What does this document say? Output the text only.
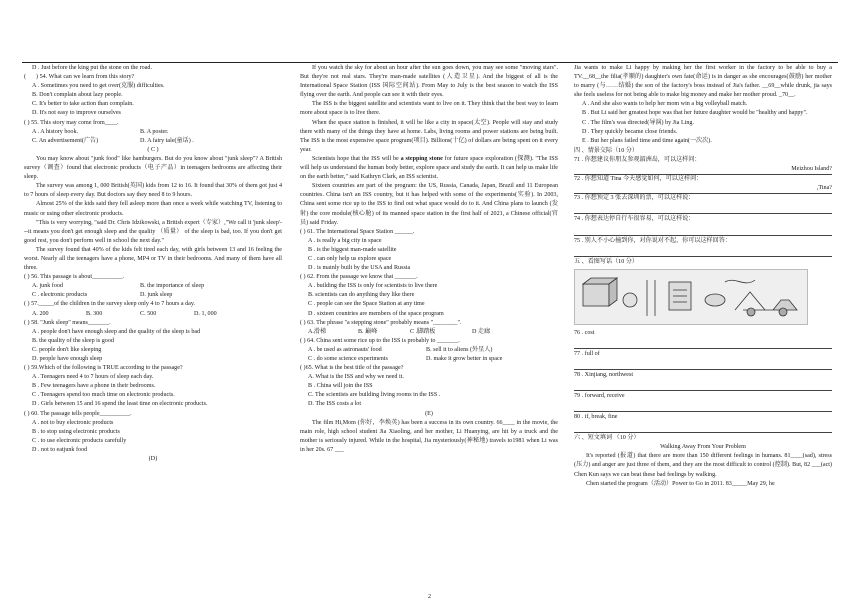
D . Just before the king put the stone on the road.
( ) 54. What can we learn from this story?
A . Sometimes you need to get over(克服) difficulties.
B. Don't complain about lazy people.
C. It's better to take action than complain.
D. It's not easy to improve ourselves
( ) 55. This story may come from____.
A . A history book.	B. A poster.
C. An advertisement(广告)	D. A fairy tale(童话) .
( C )
You may know about "junk food" like hamburgers. But do you know about "junk sleep"? A British survey（调查）found that electronic products（电子产品）in teenagers bedrooms are affecting their sleep.
The survey was among 1, 000 British(英国) kids from 12 to 16. It found that 30% of them got just 4 to 7 hours of sleep every day. But doctors say they need 8 to 9 hours.
Almost 25% of the kids said they fell asleep more than once a week while watching TV, listening to music or using other electronic products.
"This is very worrying, "said Dr. Chris Idzikowski, a British expert（专家）,"We call it 'junk sleep'---it means you don't get enough sleep and the quality （质量） of the sleep is bad, too. If you don't get good rest, you don't perform well in school the next day."
The survey found that 40% of the kids felt tired each day, with girls between 13 and 16 feeling the worst. Nearly all the teenagers have a phone, MP4 or TV in their bedrooms. And many of them have all three.
( ) 56. This passage is about__________.
A. junk food	B. the importance of sleep
C . electronic products	D. junk sleep
( ) 57._____of the children in the survey sleep only 4 to 7 hours a day.
A. 200	B. 300	C. 500	D. 1, 000
( ) 58. "Junk sleep" means_______.
A . people don't have enough sleep and the quality of the sleep is bad
B. the quality of the sleep is good
C. people don't like sleeping
D. people have enough sleep
( ) 59.Which of the following is TRUE according to the passage?
A . Teenagers need 4 to 7 hours of sleep each day.
B . Few teenagers have a phone in their bedrooms.
C . Teenagers spend too much time on electronic products.
D . Girls between 15 and 16 spend the least time on electronic products.
( ) 60. The passage tells people__________.
A . not to buy electronic products
B . to stop using electronic products
C . to use electronic products carefully
D . not to eatjunk food
(D)
If you watch the sky for about an hour after the sun goes down, you may see some "moving stars". But they're not real stars. They're man-made satellites (人造卫星). And the biggest of all is the International Space Station (ISS 国际空间站). From May to July is the best season to watch the ISS flying over the earth. And people can see it with their eyes.
The ISS is the biggest satellite and scientists want to live on it. They think that the best way to learn more about space is to live there.
When the space station is finished, it will be like a city in space(太空). People will stay and study there with many of the things they have at home. Labs, living rooms and power stations are being built. The ISS is the most expensive space program(项目). Billions(十亿) of dollars are being spent on it every year.
Scientists hope that the ISS will be a stepping stone for future space exploration (探测). "The ISS will help us understand the human body better, explore space and study the earth. It can help us make life on the earth better," said Kathryn Clark, an ISS scientist.
Sixteen countries are part of the program: the US, Russia, Canada, Japan, Brazil and 11 European countries. China isn't an ISS country, but it has helped with some of the experiments(实验). In 2003, China sent some rice up to the ISS to find out what space would do to it. And China plans to launch (发射) the core module(核心舱) of its manned space station in the first half of 2021, a Chinese official(官员) said Friday.
( ) 61. The International Space Station ______.
A . is really a big city in space
B . is the biggest man-made satellite
C . can only help us explore space
D . is mainly built by the USA and Russia
( ) 62. From the passage we know that _______.
A . building the ISS is only for scientists to live there
B. scientists can do anything they like there
C . people can see the Space Station at any time
D . sixteen countries are members of the space program
( ) 63. The phrase "a stepping stone" probably means "________".
A.滑梯	B. 巅峰	C .脚踏板	D 走廊
( ) 64. China sent some rice up to the ISS is probably to _______.
A . be used as astronauts' food	B. sell it to aliens (外星人)
C . do some science experiments	D. make it grow better in space
( )65. What is the best title of the passage?
A. What is the ISS and why we need it.
B . China will join the ISS
C. The scientists are building living rooms in the ISS .
D. The ISS costs a lot
(E)
The film Hi,Mom (你好，李焕英) has been a success in its own country. 66____ in the movie, the main role, high school student Jia Xiaoling, and her mother, Li Huanying, are hit by a truck and the mother is seriously injured. While in the hospital, Jia mysteriously(神秘地) travels to1981 when Li was in her 20s. 67 ___
Jia wants to make Li happy by making her the first worker in the factory to be able to buy a TV.__68__the filia(孝顺的) daughter's own fate(命运) is in danger as she encourages(鼓励) her mother to marry (与……结婚) the son of the factory's boss instead of Jia's father. __69__while drunk, jia says she feels useless for not being able to make big money and make her mother proud. _70__.
A . And she also wants to help her mom win a big volleyball match.
B . But Li said her greatest hope was that her future daughter would be "healthy and happy".
C . The film's was directed(导演) by Jia Ling.
D . They quickly became close friends.
E . But her plans failed time and time again(一次次).
四 、情景交际（10 分）
71 . 你想建议你朋友参观湄洲岛，可以这样问：
Meizhou Island?
72 . 你想知道 Tina 今天感觉如何，可以这样问：
,Tina?
73 . 你想预定 3 张去深圳的票，可以这样说：
74 . 你想表达停自行车很容易，可以这样说：
75 . 别人不小心撞到你，对你说对不起，你可以这样回答：
五 、看图写话（10 分）
76 . cost
77 . full of
78 . Xinjiang, northwest
79 . forward, receive
80 . if, break, fine
六 、短文填词 （10 分）
Walking Away From Your Problem
It's reported (报道) that there are more than 150 different feelings in humans. 81____(sad), stress (压力) and anger are just three of them, and they are the most difficult to control (控制). But, 82 ___(act) Chen Kun says we can beat these bad feelings by walking.
Chen started the program（活动）Power to Go in 2011. 83_____May 29, he
2
